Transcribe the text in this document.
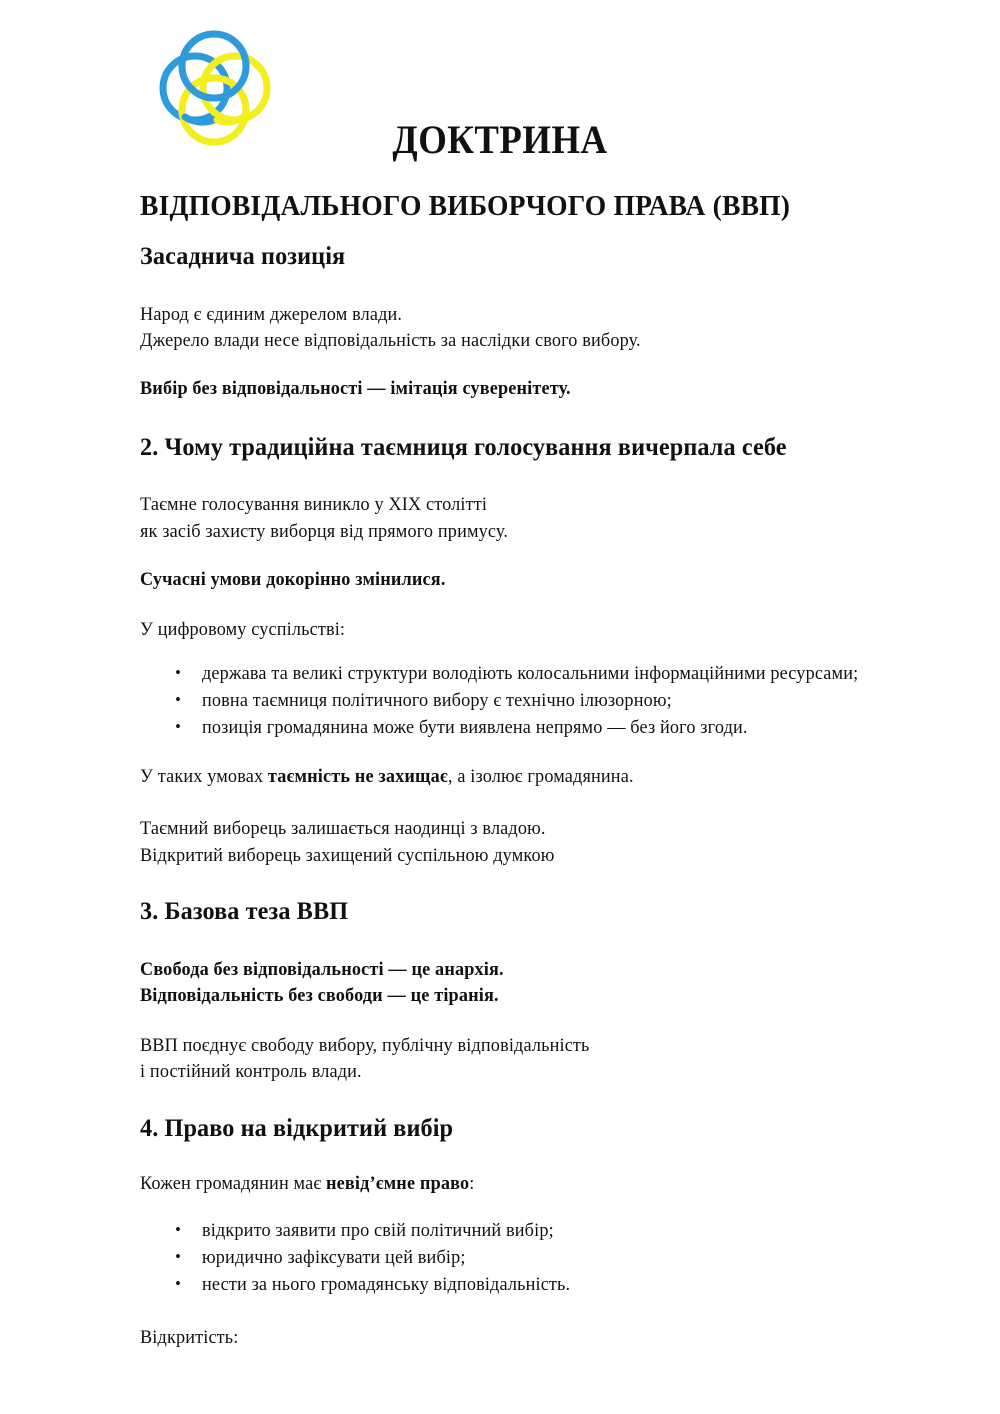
ДОКТРИНА
ВІДПОВІДАЛЬНОГО ВИБОРЧОГО ПРАВА (ВВП)
Засаднича позиція

Народ є єдиним джерелом влади.

Джерело влади несе відповідальність за наслідки свого вибору.

Вибір без відповідальності — імітація суверенітету.

2. Чому традиційна таємниця голосування вичерпала себе

Таємне голосування виникло у ХІХ столітті

як засіб захисту виборця від прямого примусу.

Сучасні умови докорінно змінилися.

У цифровому суспільстві:

• держава та великі структури володіють колосальними інформаційними ресурсами;
• повна таємниця політичного вибору є технічно ілюзорною;
• позиція громадянина може бути виявлена непрямо — без його згоди.

У таких умовах таємність не захищає, а ізолює громадянина.

Таємний виборець залишається наодинці з владою.

Відкритий виборець захищений суспільною думкою

3. Базова теза ВВП

Свобода без відповідальності — це анархія.

Відповідальність без свободи — це тіранія.

ВВП поєднує свободу вибору, публічну відповідальність

і постійний контроль влади.

4. Право на відкритий вибір

Кожен громадянин має невід’ємне право:

• відкрито заявити про свій політичний вибір;
• юридично зафіксувати цей вибір;
• нести за нього громадянську відповідальність.

Відкритість:
